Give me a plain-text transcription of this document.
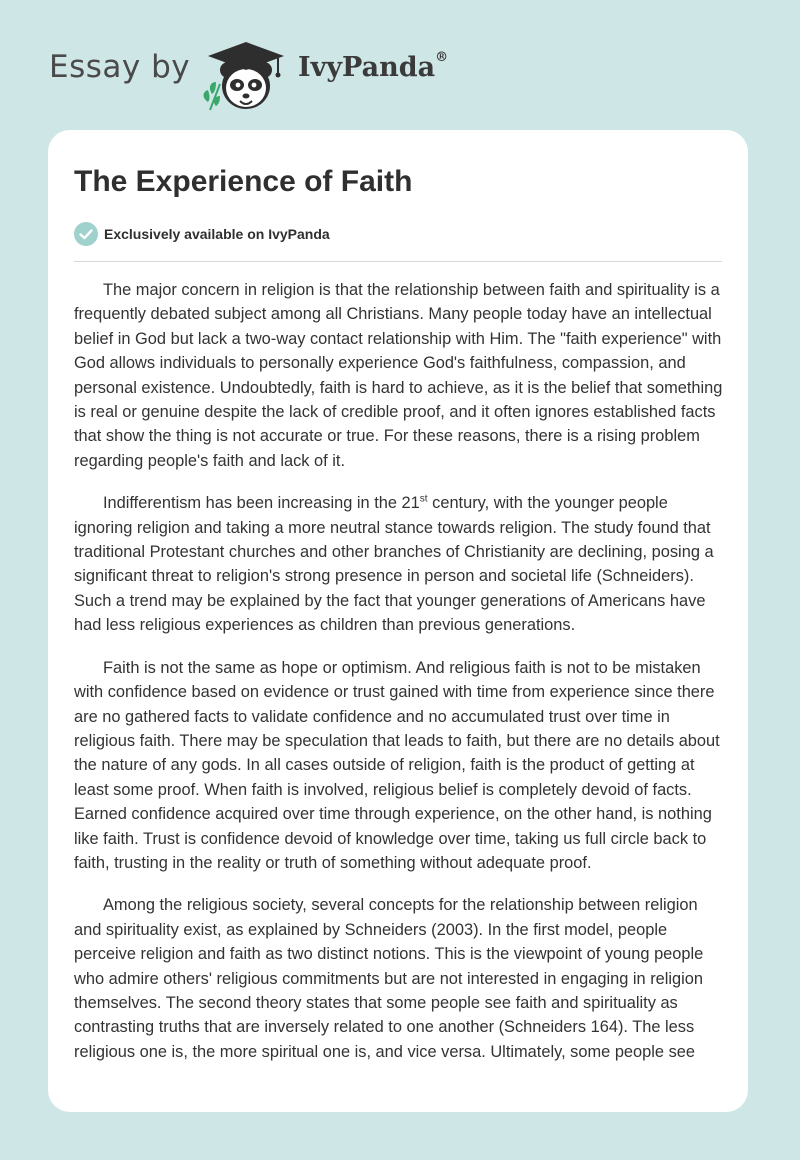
Essay by	IvyPanda®
The Experience of Faith
Exclusively available on IvyPanda

The major concern in religion is that the relationship between faith and spirituality is a frequently debated subject among all Christians. Many people today have an intellectual belief in God but lack a two-way contact relationship with Him. The "faith experience" with God allows individuals to personally experience God's faithfulness, compassion, and personal existence. Undoubtedly, faith is hard to achieve, as it is the belief that something is real or genuine despite the lack of credible proof, and it often ignores established facts that show the thing is not accurate or true. For these reasons, there is a rising problem regarding people's faith and lack of it.

Indifferentism has been increasing in the 21st century, with the younger people ignoring religion and taking a more neutral stance towards religion. The study found that traditional Protestant churches and other branches of Christianity are declining, posing a significant threat to religion's strong presence in person and societal life (Schneiders). Such a trend may be explained by the fact that younger generations of Americans have had less religious experiences as children than previous generations.

Faith is not the same as hope or optimism. And religious faith is not to be mistaken with confidence based on evidence or trust gained with time from experience since there are no gathered facts to validate confidence and no accumulated trust over time in religious faith. There may be speculation that leads to faith, but there are no details about the nature of any gods. In all cases outside of religion, faith is the product of getting at least some proof. When faith is involved, religious belief is completely devoid of facts. Earned confidence acquired over time through experience, on the other hand, is nothing like faith. Trust is confidence devoid of knowledge over time, taking us full circle back to faith, trusting in the reality or truth of something without adequate proof.

Among the religious society, several concepts for the relationship between religion and spirituality exist, as explained by Schneiders (2003). In the first model, people perceive religion and faith as two distinct notions. This is the viewpoint of young people who admire others' religious commitments but are not interested in engaging in religion themselves. The second theory states that some people see faith and spirituality as contrasting truths that are inversely related to one another (Schneiders 164). The less religious one is, the more spiritual one is, and vice versa. Ultimately, some people see
